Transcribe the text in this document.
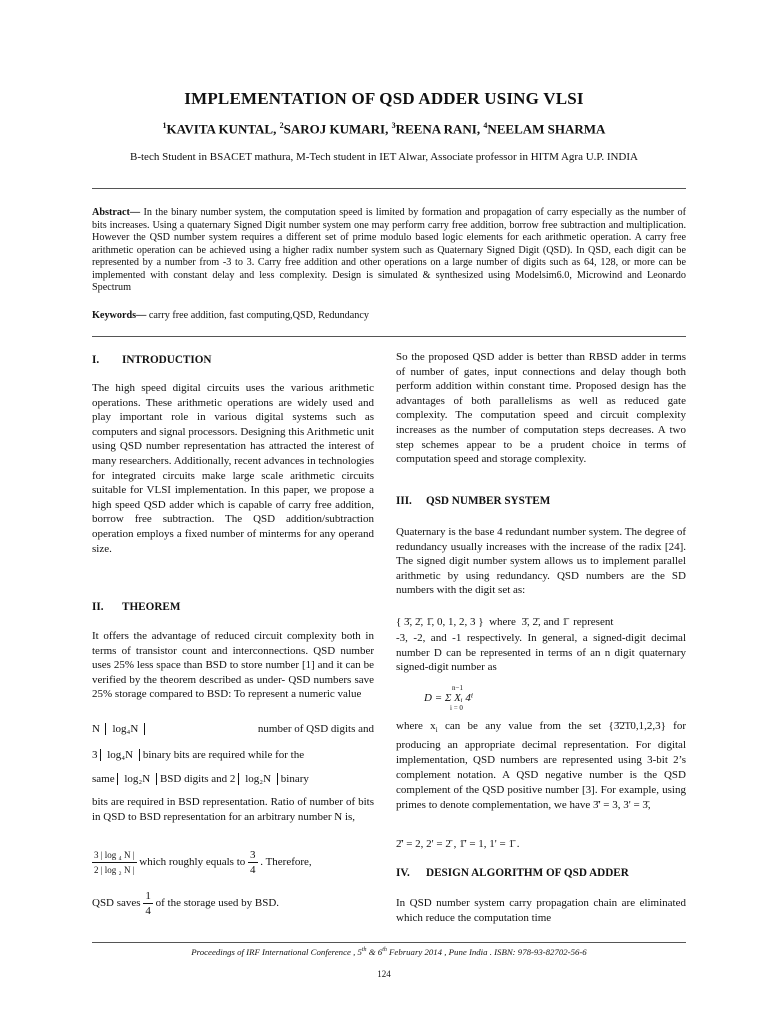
IMPLEMENTATION OF QSD ADDER USING VLSI
$^1$KAVITA KUNTAL, $^2$SAROJ KUMARI, $^3$REENA RANI, $^4$NEELAM SHARMA
B-tech Student in BSACET mathura, M-Tech student in IET Alwar, Associate professor in HITM Agra U.P. INDIA
Abstract— In the binary number system, the computation speed is limited by formation and propagation of carry especially as the number of bits increases. Using a quaternary Signed Digit number system one may perform carry free addition, borrow free subtraction and multiplication. However the QSD number system requires a different set of prime modulo based logic elements for each arithmetic operation. A carry free arithmetic operation can be achieved using a higher radix number system such as Quaternary Signed Digit (QSD). In QSD, each digit can be represented by a number from -3 to 3. Carry free addition and other operations on a large number of digits such as 64, 128, or more can be implemented with constant delay and less complexity. Design is simulated & synthesized using Modelsim6.0, Microwind and Leonardo Spectrum
Keywords— carry free addition, fast computing,QSD, Redundancy
I. INTRODUCTION
The high speed digital circuits uses the various arithmetic operations. These arithmetic operations are widely used and play important role in various digital systems such as computers and signal processors. Designing this Arithmetic unit using QSD number representation has attracted the interest of many researchers. Additionally, recent advances in technologies for integrated circuits make large scale arithmetic circuits suitable for VLSI implementation. In this paper, we propose a high speed QSD adder which is capable of carry free addition, borrow free subtraction. The QSD addition/subtraction operation employs a fixed number of minterms for any operand size.
II. THEOREM
It offers the advantage of reduced circuit complexity both in terms of transistor count and interconnections. QSD number uses 25% less space than BSD to store number [1] and it can be verified by the theorem described as under- QSD numbers save 25% storage compared to BSD: To represent a numeric value
N log₄N	number of QSD digits and
3 log₄N binary bits are required while for the
same log₂N BSD digits and 2 log₂N binary
bits are required in BSD representation. Ratio of number of bits in QSD to BSD representation for an arbitrary number N is,
$\frac{\text{3 | log ₄ N |}}{\text{2 | log ₂ N |}}$ which roughly equals to $\frac{3}{4}$ . Therefore,
QSD saves $\frac{1}{4}$ of the storage used by BSD.
So the proposed QSD adder is better than RBSD adder in terms of number of gates, input connections and delay though both perform addition within constant time. Proposed design has the advantages of both parallelisms as well as reduced gate complexity. The computation speed and circuit complexity increases as the number of computation steps decreases. A two step schemes appear to be a prudent choice in terms of computation speed and storage complexity.
III. QSD NUMBER SYSTEM
Quaternary is the base 4 redundant number system. The degree of redundancy usually increases with the increase of the radix [24]. The signed digit number system allows us to implement parallel arithmetic by using redundancy. QSD numbers are the SD numbers with the digit set as:
{ 3̄, 2̄, 1̄, 0, 1, 2, 3 } where 3̄, 2̄, and 1̄ represent
-3, -2, and -1 respectively. In general, a signed-digit decimal number D can be represented in terms of an n digit quaternary signed-digit number as
n−1
D = Σ Xᵢ 4ⁱ
i = 0
where $x_i$ can be any value from the set {3̄2̄1̄0,1,2,3} for producing an appropriate decimal representation. For digital implementation, QSD numbers are represented using 3-bit 2’s complement notation. A QSD negative number is the QSD complement of the QSD positive number [3]. For example, using primes to denote complementation, we have 3̄' = 3, 3' = 3̄,
2̄' = 2, 2' = 2̄ , 1̄' = 1, 1' = 1̄ .
IV. DESIGN ALGORITHM OF QSD ADDER
In QSD number system carry propagation chain are eliminated which reduce the computation time
Proceedings of IRF International Conference , 5th & 6th February 2014 , Pune India . ISBN: 978-93-82702-56-6
124
